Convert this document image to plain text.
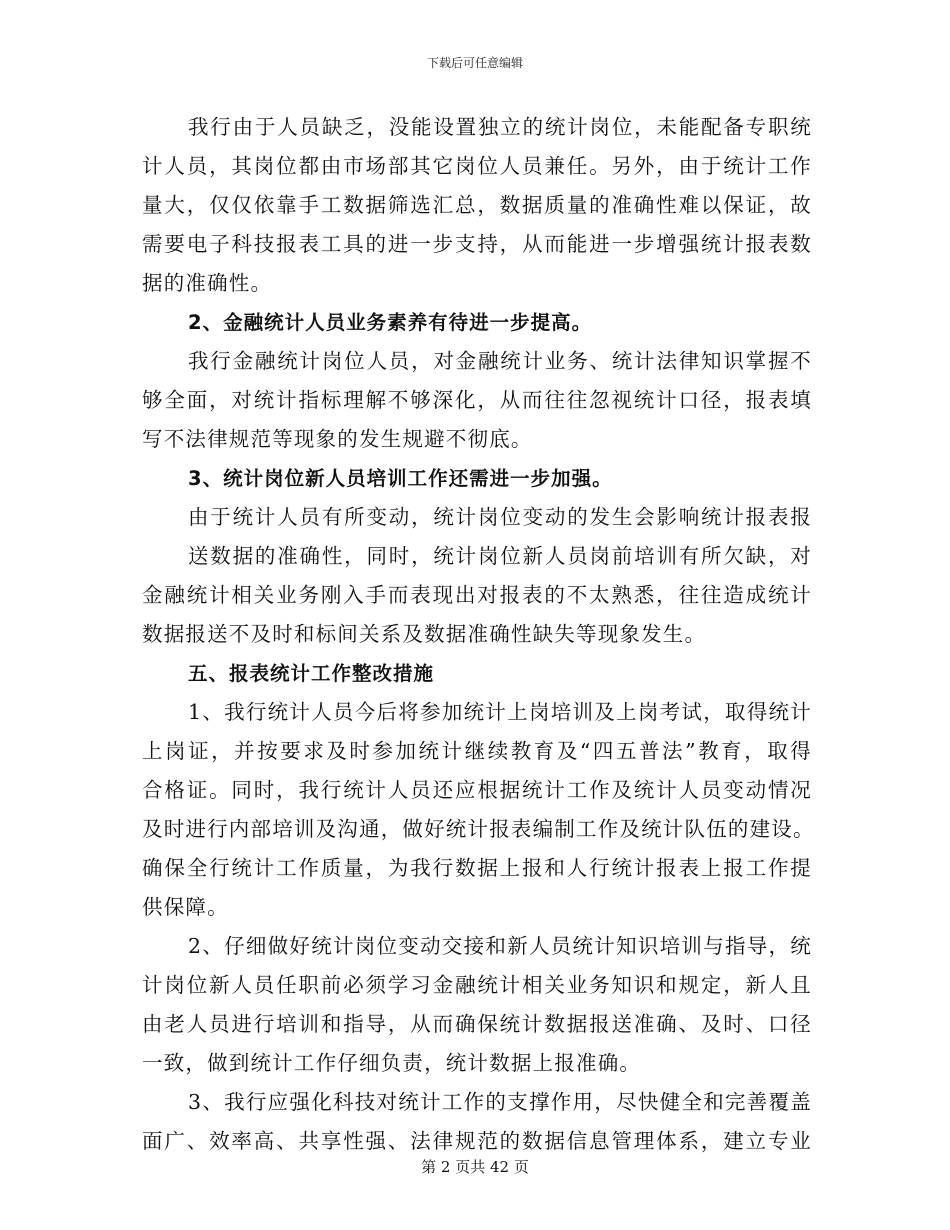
下载后可任意编辑
我行由于人员缺乏，没能设置独立的统计岗位，未能配备专职统
计人员，其岗位都由市场部其它岗位人员兼任。另外，由于统计工作
量大，仅仅依靠手工数据筛选汇总，数据质量的准确性难以保证，故
需要电子科技报表工具的进一步支持，从而能进一步增强统计报表数
据的准确性。
2、金融统计人员业务素养有待进一步提高。
我行金融统计岗位人员，对金融统计业务、统计法律知识掌握不
够全面，对统计指标理解不够深化，从而往往忽视统计口径，报表填
写不法律规范等现象的发生规避不彻底。
3、统计岗位新人员培训工作还需进一步加强。
由于统计人员有所变动，统计岗位变动的发生会影响统计报表报
送数据的准确性，同时，统计岗位新人员岗前培训有所欠缺，对
金融统计相关业务刚入手而表现出对报表的不太熟悉，往往造成统计
数据报送不及时和标间关系及数据准确性缺失等现象发生。
五、报表统计工作整改措施
1、我行统计人员今后将参加统计上岗培训及上岗考试，取得统计
上岗证，并按要求及时参加统计继续教育及“四五普法”教育，取得
合格证。同时，我行统计人员还应根据统计工作及统计人员变动情况
及时进行内部培训及沟通，做好统计报表编制工作及统计队伍的建设。
确保全行统计工作质量，为我行数据上报和人行统计报表上报工作提
供保障。
2、仔细做好统计岗位变动交接和新人员统计知识培训与指导，统
计岗位新人员任职前必须学习金融统计相关业务知识和规定，新人且
由老人员进行培训和指导，从而确保统计数据报送准确、及时、口径
一致，做到统计工作仔细负责，统计数据上报准确。
3、我行应强化科技对统计工作的支撑作用，尽快健全和完善覆盖
面广、效率高、共享性强、法律规范的数据信息管理体系，建立专业
第 2 页共 42 页
